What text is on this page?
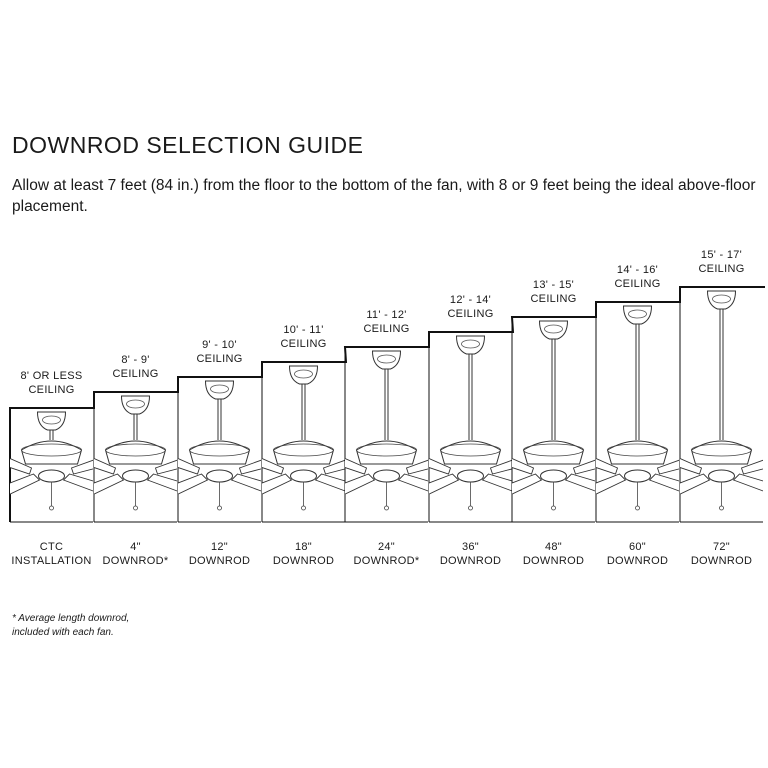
DOWNROD SELECTION GUIDE
Allow at least 7 feet (84 in.) from the floor to the bottom of the fan, with 8 or 9 feet being the ideal above-floor placement.
8' OR LESS
CEILING
CTC
INSTALLATION
8' - 9'
CEILING
4"
DOWNROD*
9' - 10'
CEILING
12"
DOWNROD
10' - 11'
CEILING
18"
DOWNROD
11' - 12'
CEILING
24"
DOWNROD*
12' - 14'
CEILING
36"
DOWNROD
13' - 15'
CEILING
48"
DOWNROD
14' - 16'
CEILING
60"
DOWNROD
15' - 17'
CEILING
72"
DOWNROD
* Average length downrod,
included with each fan.
